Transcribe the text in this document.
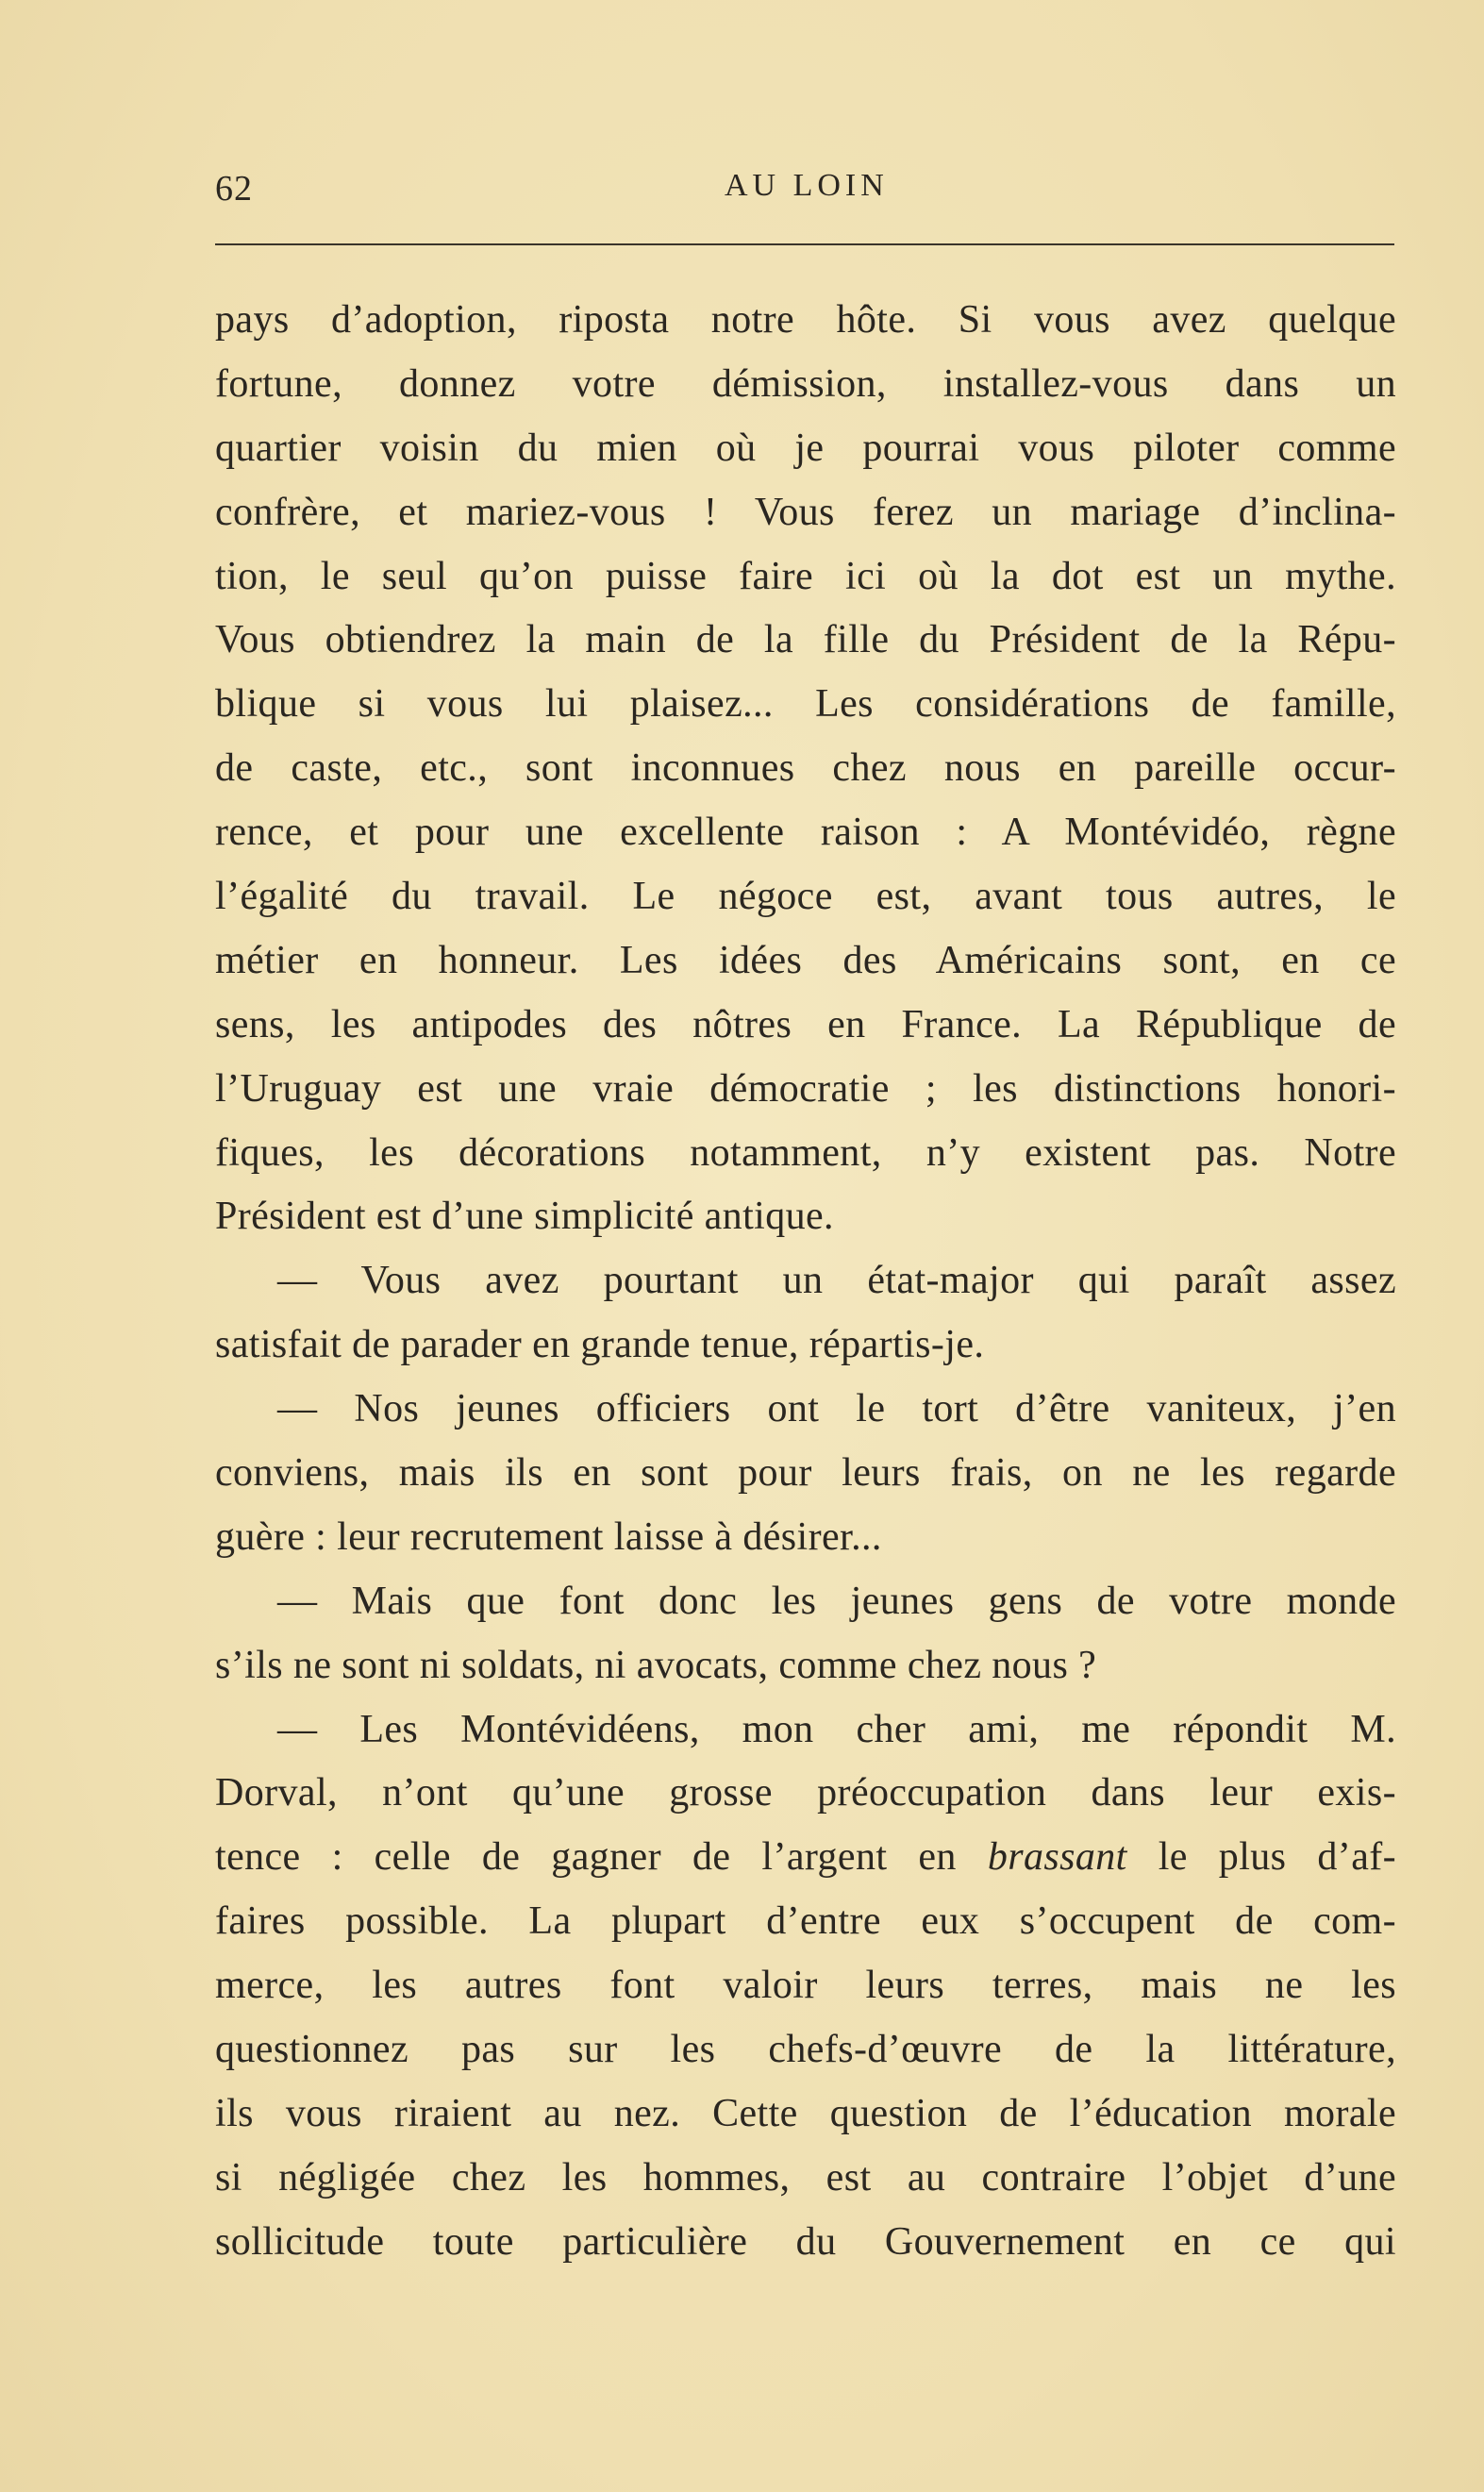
62	AU LOIN
pays d’adoption, riposta notre hôte. Si vous avez quelque
fortune, donnez votre démission, installez-vous dans un
quartier voisin du mien où je pourrai vous piloter comme
confrère, et mariez-vous ! Vous ferez un mariage d’inclina-
tion, le seul qu’on puisse faire ici où la dot est un mythe.
Vous obtiendrez la main de la fille du Président de la Répu-
blique si vous lui plaisez... Les considérations de famille,
de caste, etc., sont inconnues chez nous en pareille occur-
rence, et pour une excellente raison : A Montévidéo, règne
l’égalité du travail. Le négoce est, avant tous autres, le
métier en honneur. Les idées des Américains sont, en ce
sens, les antipodes des nôtres en France. La République de
l’Uruguay est une vraie démocratie ; les distinctions honori-
fiques, les décorations notamment, n’y existent pas. Notre
Président est d’une simplicité antique.
— Vous avez pourtant un état-major qui paraît assez
satisfait de parader en grande tenue, répartis-je.
— Nos jeunes officiers ont le tort d’être vaniteux, j’en
conviens, mais ils en sont pour leurs frais, on ne les regarde
guère : leur recrutement laisse à désirer...
— Mais que font donc les jeunes gens de votre monde
s’ils ne sont ni soldats, ni avocats, comme chez nous ?
— Les Montévidéens, mon cher ami, me répondit M.
Dorval, n’ont qu’une grosse préoccupation dans leur exis-
tence : celle de gagner de l’argent en brassant le plus d’af-
faires possible. La plupart d’entre eux s’occupent de com-
merce, les autres font valoir leurs terres, mais ne les
questionnez pas sur les chefs-d’œuvre de la littérature,
ils vous riraient au nez. Cette question de l’éducation morale
si négligée chez les hommes, est au contraire l’objet d’une
sollicitude toute particulière du Gouvernement en ce qui
